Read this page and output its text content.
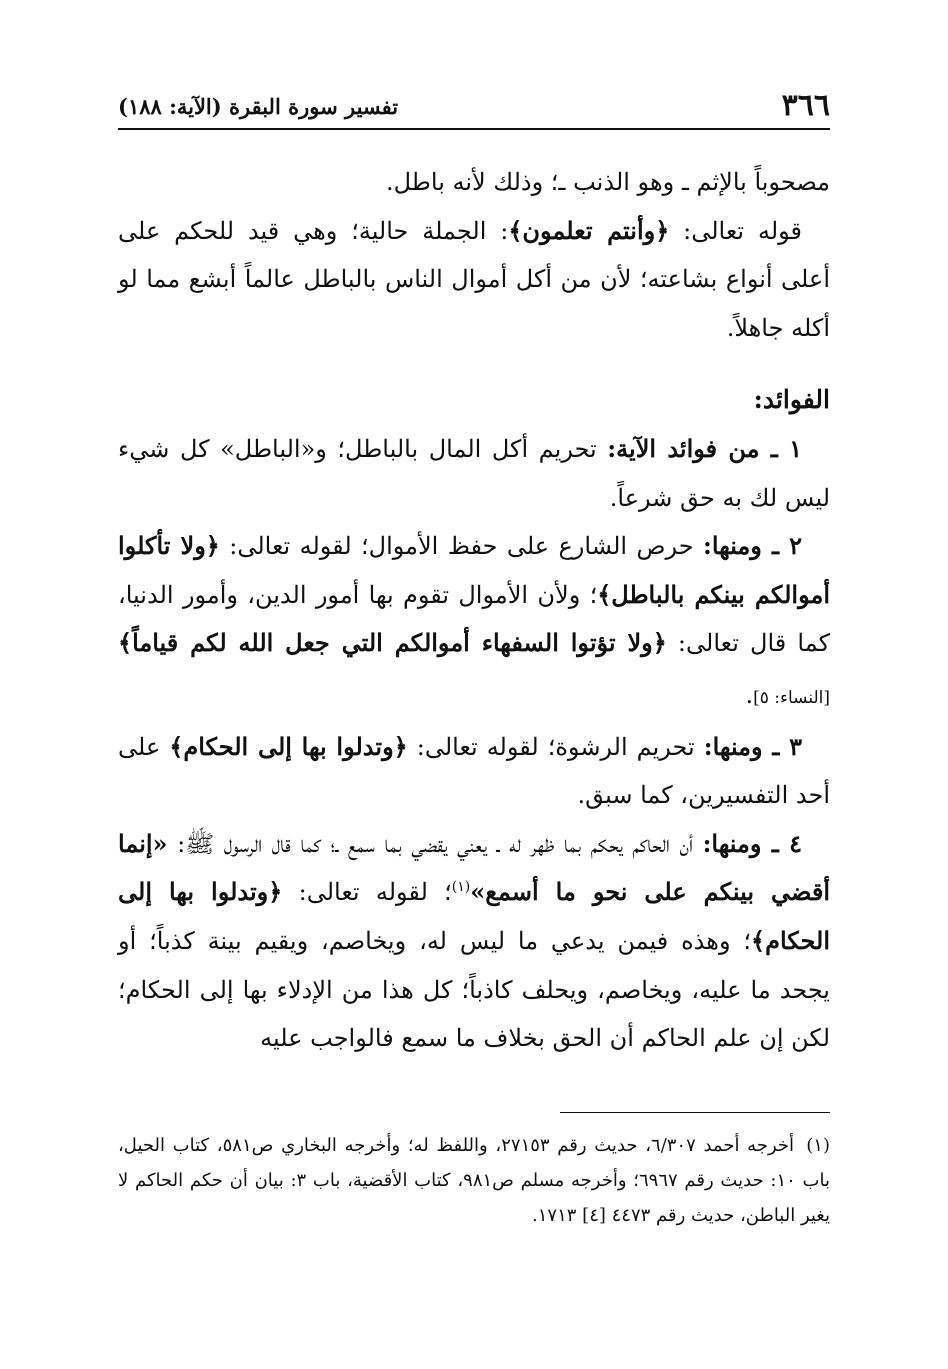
٣٦٦
تفسير سورة البقرة (الآية: ١٨٨)

مصحوباً بالإثم ـ وهو الذنب ـ؛ وذلك لأنه باطل.

قوله تعالى: ﴿وأنتم تعلمون﴾: الجملة حالية؛ وهي قيد للحكم على أعلى أنواع بشاعته؛ لأن من أكل أموال الناس بالباطل عالماً أبشع مما لو أكله جاهلاً.

الفوائد:

١ ـ من فوائد الآية: تحريم أكل المال بالباطل؛ و«الباطل» كل شيء ليس لك به حق شرعاً.

٢ ـ ومنها: حرص الشارع على حفظ الأموال؛ لقوله تعالى: ﴿ولا تأكلوا أموالكم بينكم بالباطل﴾؛ ولأن الأموال تقوم بها أمور الدين، وأمور الدنيا، كما قال تعالى: ﴿ولا تؤتوا السفهاء أموالكم التي جعل الله لكم قياماً﴾ [النساء: ٥].

٣ ـ ومنها: تحريم الرشوة؛ لقوله تعالى: ﴿وتدلوا بها إلى الحكام﴾ على أحد التفسيرين، كما سبق.

٤ ـ ومنها: أن الحاكم يحكم بما ظهر له ـ يعني يقضي بما سمع ـ؛ كما قال الرسول ﷺ: «إنما أقضي بينكم على نحو ما أسمع»$^{(١)}$؛ لقوله تعالى: ﴿وتدلوا بها إلى الحكام﴾؛ وهذه فيمن يدعي ما ليس له، ويخاصم، ويقيم بينة كذباً؛ أو يجحد ما عليه، ويخاصم، ويحلف كاذباً؛ كل هذا من الإدلاء بها إلى الحكام؛ لكن إن علم الحاكم أن الحق بخلاف ما سمع فالواجب عليه

(١)أخرجه أحمد ٦/٣٠٧، حديث رقم ٢٧١٥٣، واللفظ له؛ وأخرجه البخاري ص٥٨١، كتاب الحيل، باب ١٠: حديث رقم ٦٩٦٧؛ وأخرجه مسلم ص٩٨١، كتاب الأقضية، باب ٣: بيان أن حكم الحاكم لا يغير الباطن، حديث رقم ٤٤٧٣ [٤] ١٧١٣.
